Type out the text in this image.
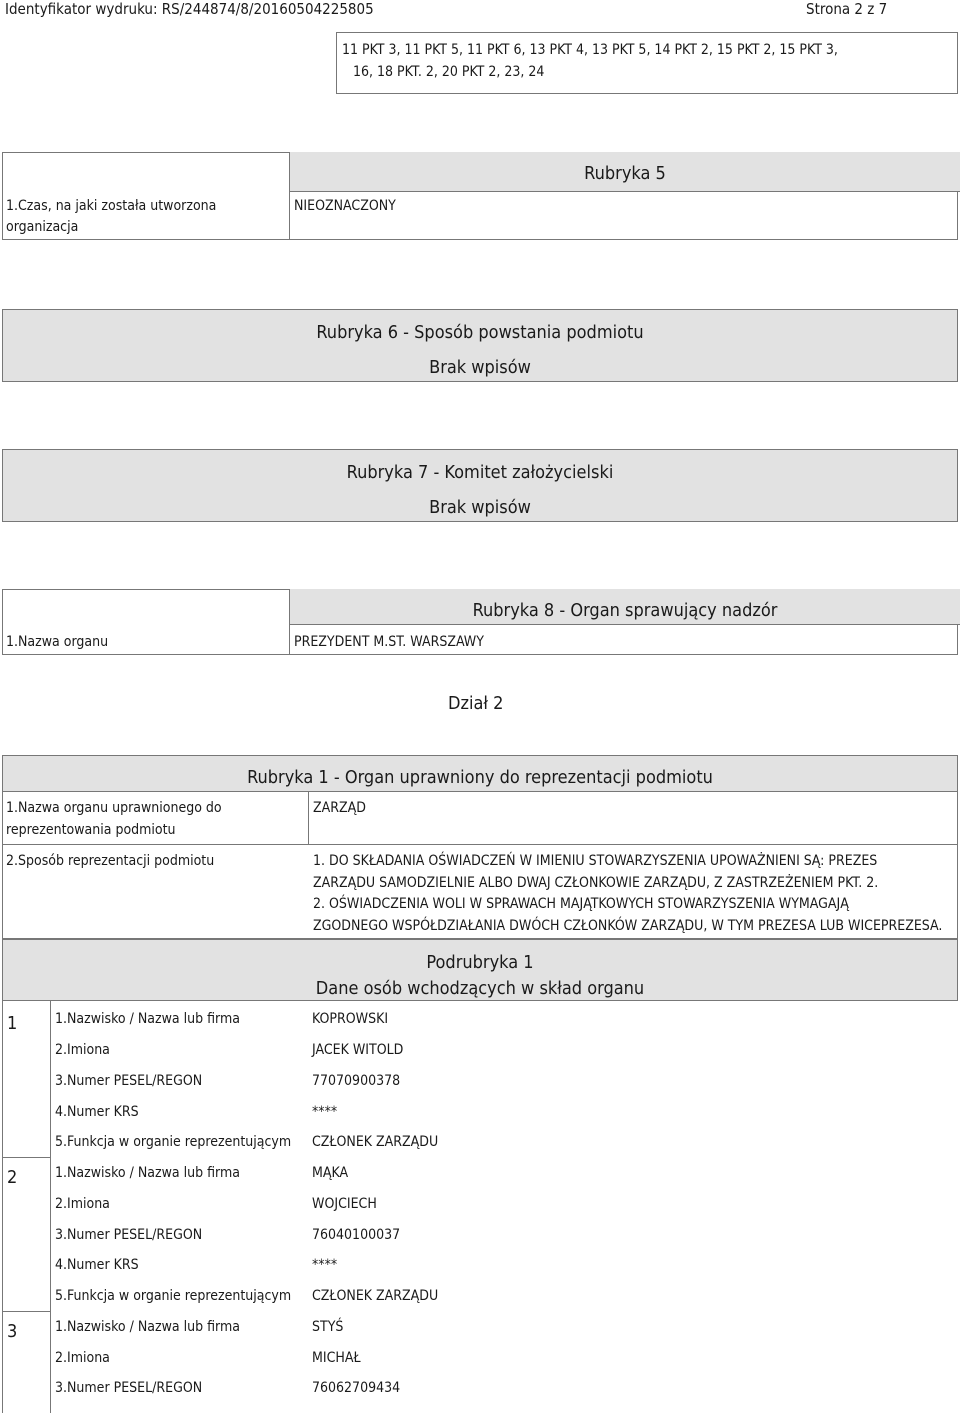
Identyfikator wydruku: RS/244874/8/20160504225805	Strona 2 z 7
11 PKT 3, 11 PKT 5, 11 PKT 6, 13 PKT 4, 13 PKT 5, 14 PKT 2, 15 PKT 2, 15 PKT 3,
16, 18 PKT. 2, 20 PKT 2, 23, 24
Rubryka 5
1.Czas, na jaki została utworzona
organizacja
NIEOZNACZONY
Rubryka 6 - Sposób powstania podmiotu
Brak wpisów
Rubryka 7 - Komitet założycielski
Brak wpisów
Rubryka 8 - Organ sprawujący nadzór
1.Nazwa organu	PREZYDENT M.ST. WARSZAWY
Dział 2
Rubryka 1 - Organ uprawniony do reprezentacji podmiotu
1.Nazwa organu uprawnionego do
reprezentowania podmiotu
ZARZĄD
2.Sposób reprezentacji podmiotu	1. DO SKŁADANIA OŚWIADCZEŃ W IMIENIU STOWARZYSZENIA UPOWAŻNIENI SĄ: PREZES
ZARZĄDU SAMODZIELNIE ALBO DWAJ CZŁONKOWIE ZARZĄDU, Z ZASTRZEŻENIEM PKT. 2.
2. OŚWIADCZENIA WOLI W SPRAWACH MAJĄTKOWYCH STOWARZYSZENIA WYMAGAJĄ
ZGODNEGO WSPÓŁDZIAŁANIA DWÓCH CZŁONKÓW ZARZĄDU, W TYM PREZESA LUB WICEPREZESA.
Podrubryka 1
Dane osób wchodzących w skład organu
1	1.Nazwisko / Nazwa lub firma	KOPROWSKI
2.Imiona	JACEK WITOLD
3.Numer PESEL/REGON	77070900378
4.Numer KRS	****
5.Funkcja w organie reprezentującym CZŁONEK ZARZĄDU
2	1.Nazwisko / Nazwa lub firma	MĄKA
2.Imiona	WOJCIECH
3.Numer PESEL/REGON	76040100037
4.Numer KRS	****
5.Funkcja w organie reprezentującym CZŁONEK ZARZĄDU
3	1.Nazwisko / Nazwa lub firma	STYŚ
2.Imiona	MICHAŁ
3.Numer PESEL/REGON	76062709434
